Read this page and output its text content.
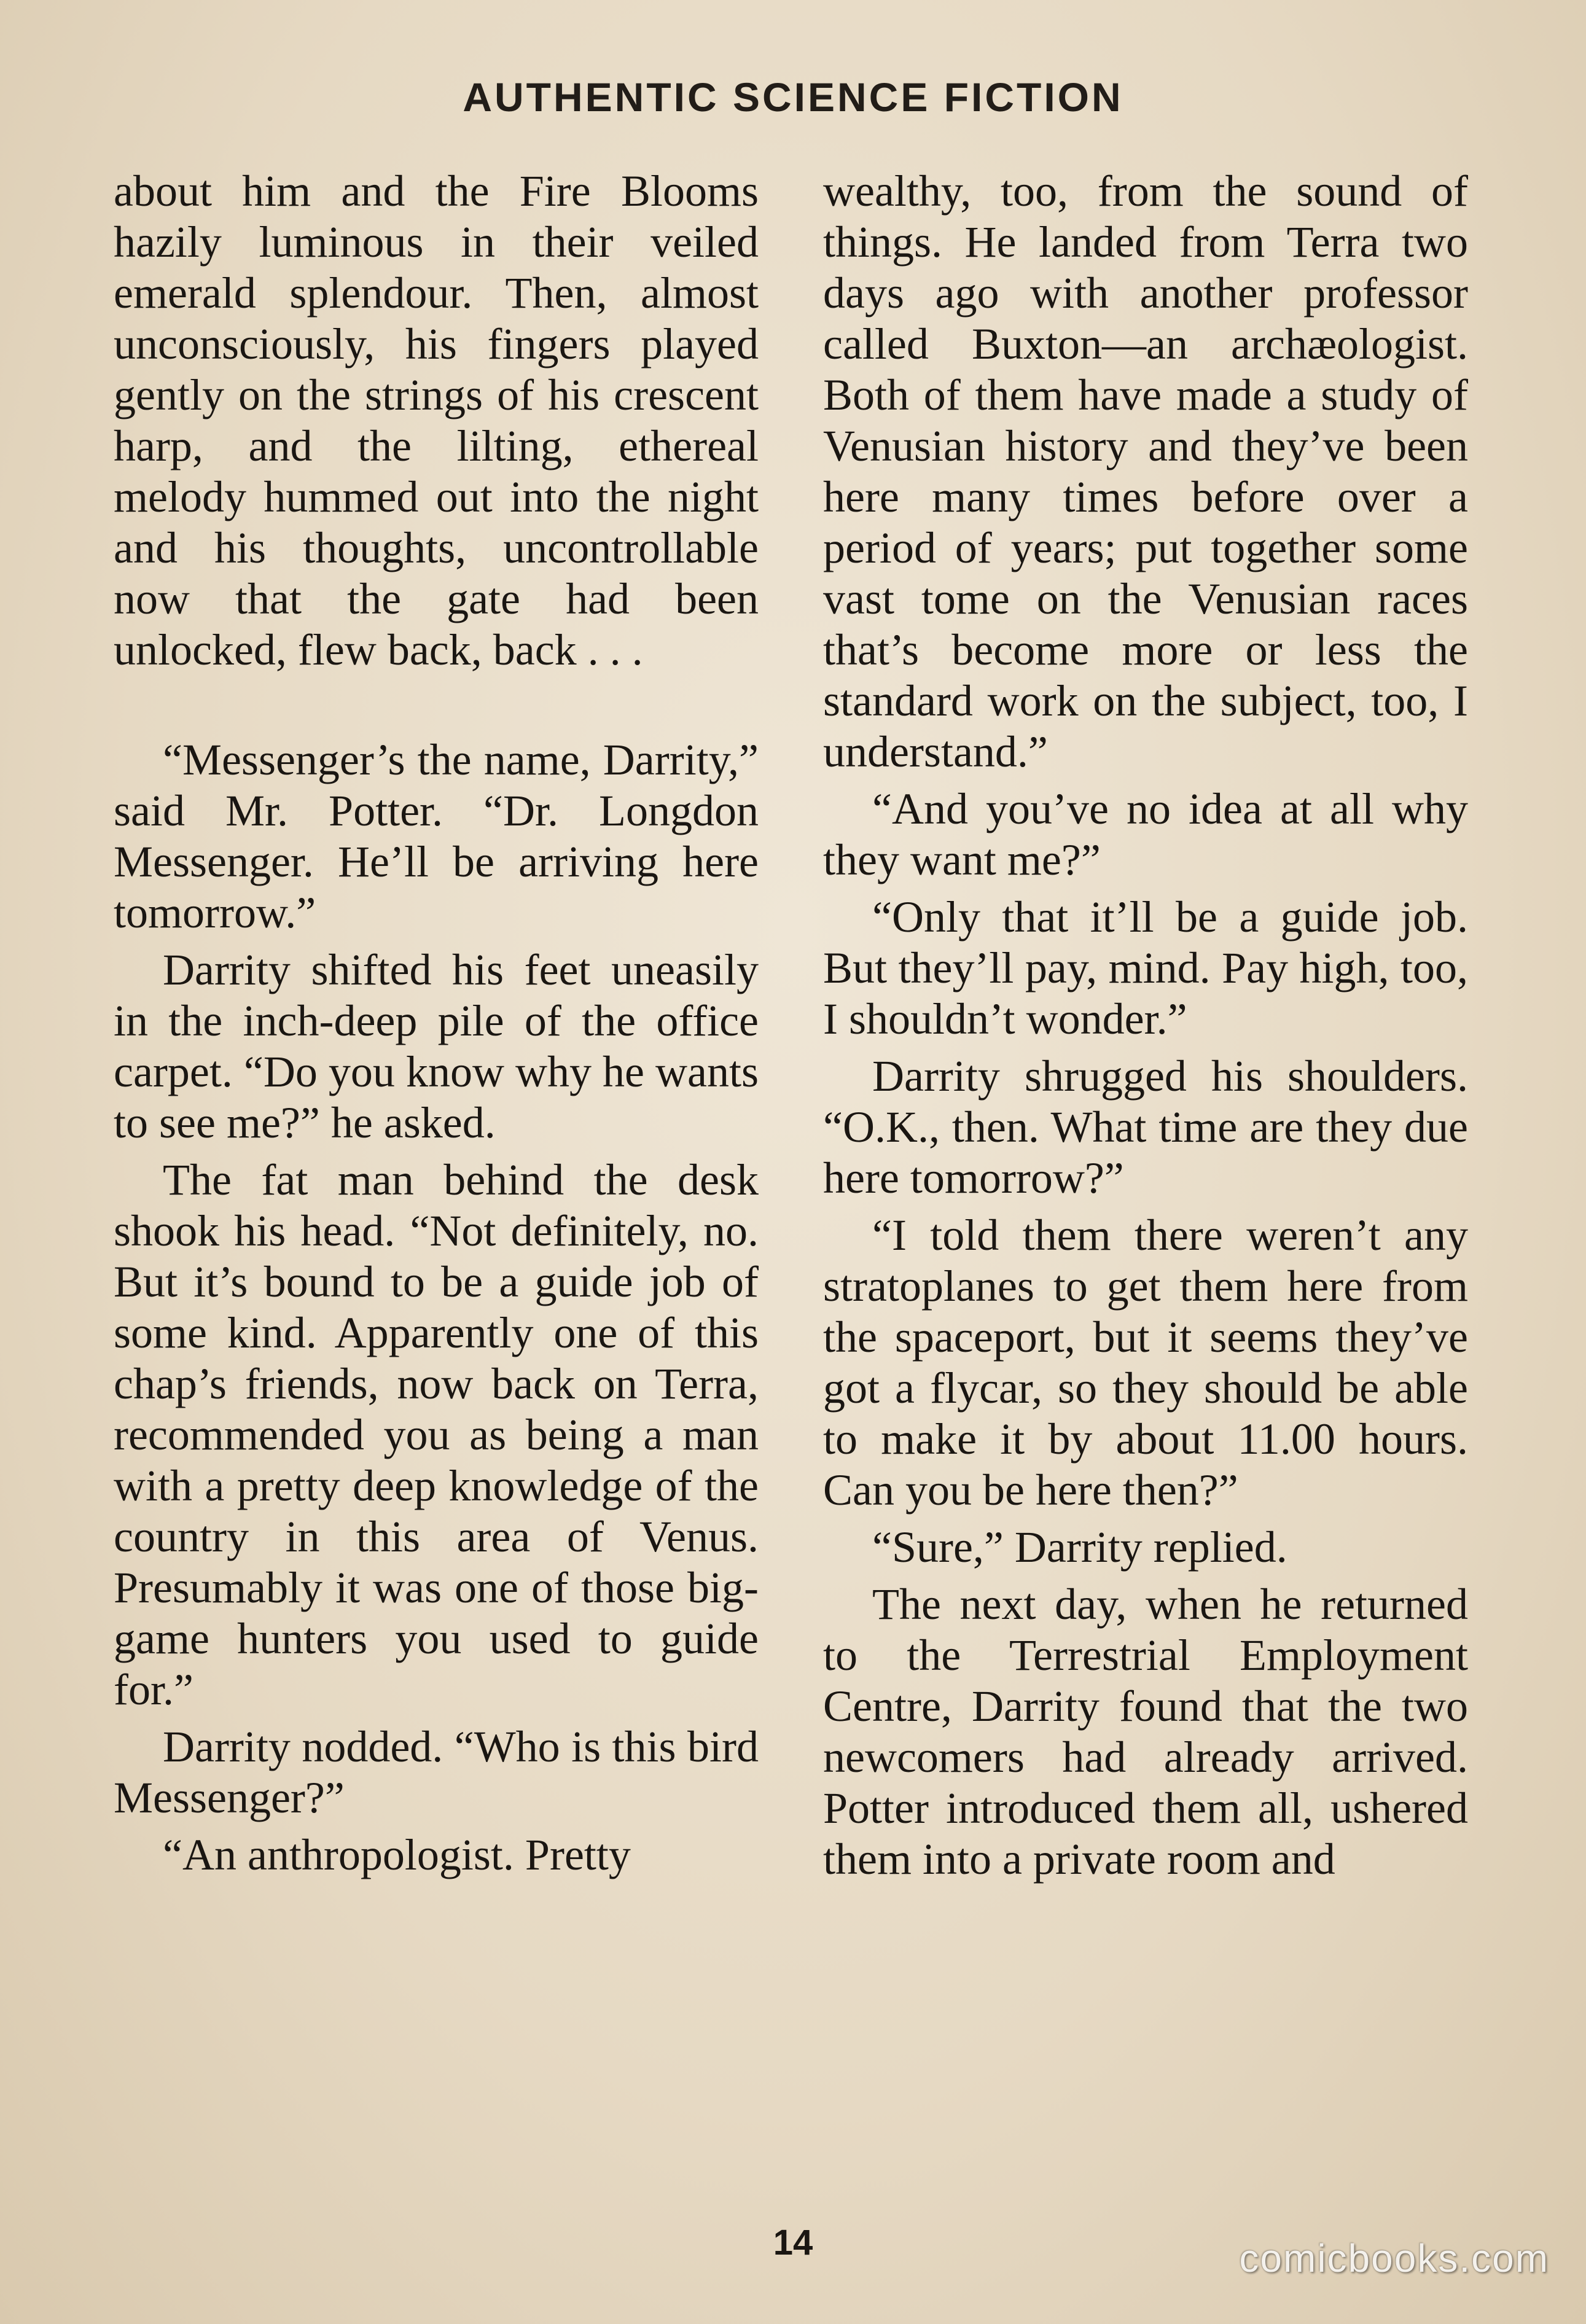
AUTHENTIC SCIENCE FICTION

about him and the Fire Blooms hazily luminous in their veiled emerald splendour. Then, almost unconsciously, his fingers played gently on the strings of his crescent harp, and the lilting, ethereal melody hummed out into the night and his thoughts, uncontrollable now that the gate had been unlocked, flew back, back . . .

“Messenger’s the name, Darrity,” said Mr. Potter. “Dr. Longdon Messenger. He’ll be arriving here tomorrow.”

Darrity shifted his feet uneasily in the inch-deep pile of the office carpet. “Do you know why he wants to see me?” he asked.

The fat man behind the desk shook his head. “Not definitely, no. But it’s bound to be a guide job of some kind. Apparently one of this chap’s friends, now back on Terra, recommended you as being a man with a pretty deep knowledge of the country in this area of Venus. Presumably it was one of those big-game hunters you used to guide for.”

Darrity nodded. “Who is this bird Messenger?”

“An anthropologist. Pretty

wealthy, too, from the sound of things. He landed from Terra two days ago with another professor called Buxton—an archæologist. Both of them have made a study of Venusian history and they’ve been here many times before over a period of years; put together some vast tome on the Venusian races that’s become more or less the standard work on the subject, too, I understand.”

“And you’ve no idea at all why they want me?”

“Only that it’ll be a guide job. But they’ll pay, mind. Pay high, too, I shouldn’t wonder.”

Darrity shrugged his shoulders. “O.K., then. What time are they due here tomorrow?”

“I told them there weren’t any stratoplanes to get them here from the spaceport, but it seems they’ve got a flycar, so they should be able to make it by about 11.00 hours. Can you be here then?”

“Sure,” Darrity replied.

The next day, when he returned to the Terrestrial Employment Centre, Darrity found that the two newcomers had already arrived. Potter introduced them all, ushered them into a private room and

14	comicbooks.com
